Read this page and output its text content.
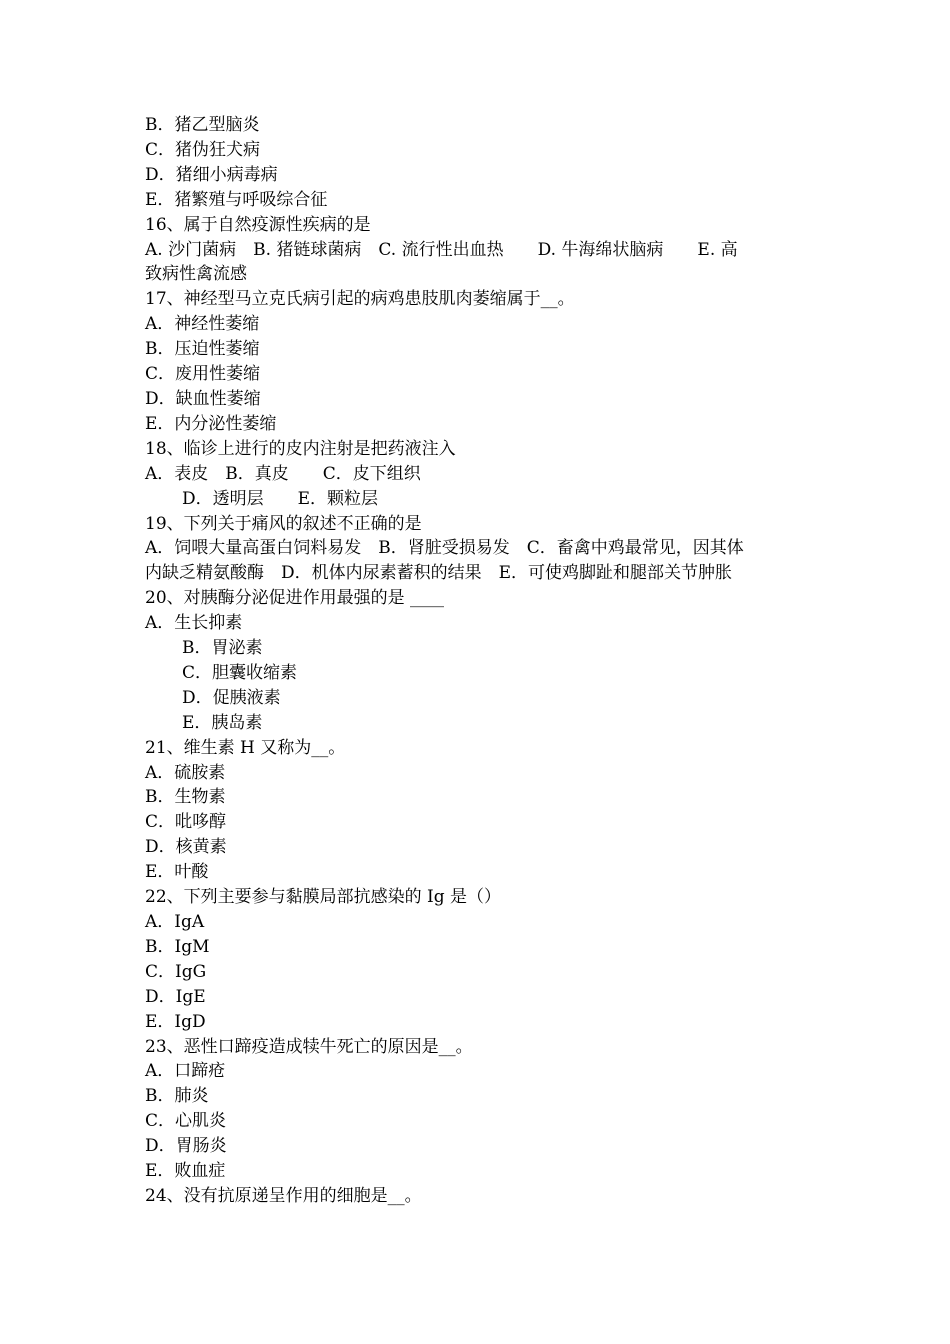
B．猪乙型脑炎
C．猪伪狂犬病
D．猪细小病毒病
E．猪繁殖与呼吸综合征
16、属于自然疫源性疾病的是
A. 沙门菌病　B. 猪链球菌病　C. 流行性出血热　　D. 牛海绵状脑病　　E. 高
致病性禽流感
17、神经型马立克氏病引起的病鸡患肢肌肉萎缩属于__。
A．神经性萎缩
B．压迫性萎缩
C．废用性萎缩
D．缺血性萎缩
E．内分泌性萎缩
18、临诊上进行的皮内注射是把药液注入
A．表皮　B．真皮　　C．皮下组织
D．透明层　　E．颗粒层
19、下列关于痛风的叙述不正确的是
A．饲喂大量高蛋白饲料易发　B．肾脏受损易发　C．畜禽中鸡最常见，因其体
内缺乏精氨酸酶　D．机体内尿素蓄积的结果　E．可使鸡脚趾和腿部关节肿胀
20、对胰酶分泌促进作用最强的是 ____
A．生长抑素
B．胃泌素
C．胆囊收缩素
D．促胰液素
E．胰岛素
21、维生素 H 又称为__。
A．硫胺素
B．生物素
C．吡哆醇
D．核黄素
E．叶酸
22、下列主要参与黏膜局部抗感染的 Ig 是（）
A．IgA
B．IgM
C．IgG
D．IgE
E．IgD
23、恶性口蹄疫造成犊牛死亡的原因是__。
A．口蹄疮
B．肺炎
C．心肌炎
D．胃肠炎
E．败血症
24、没有抗原递呈作用的细胞是__。
